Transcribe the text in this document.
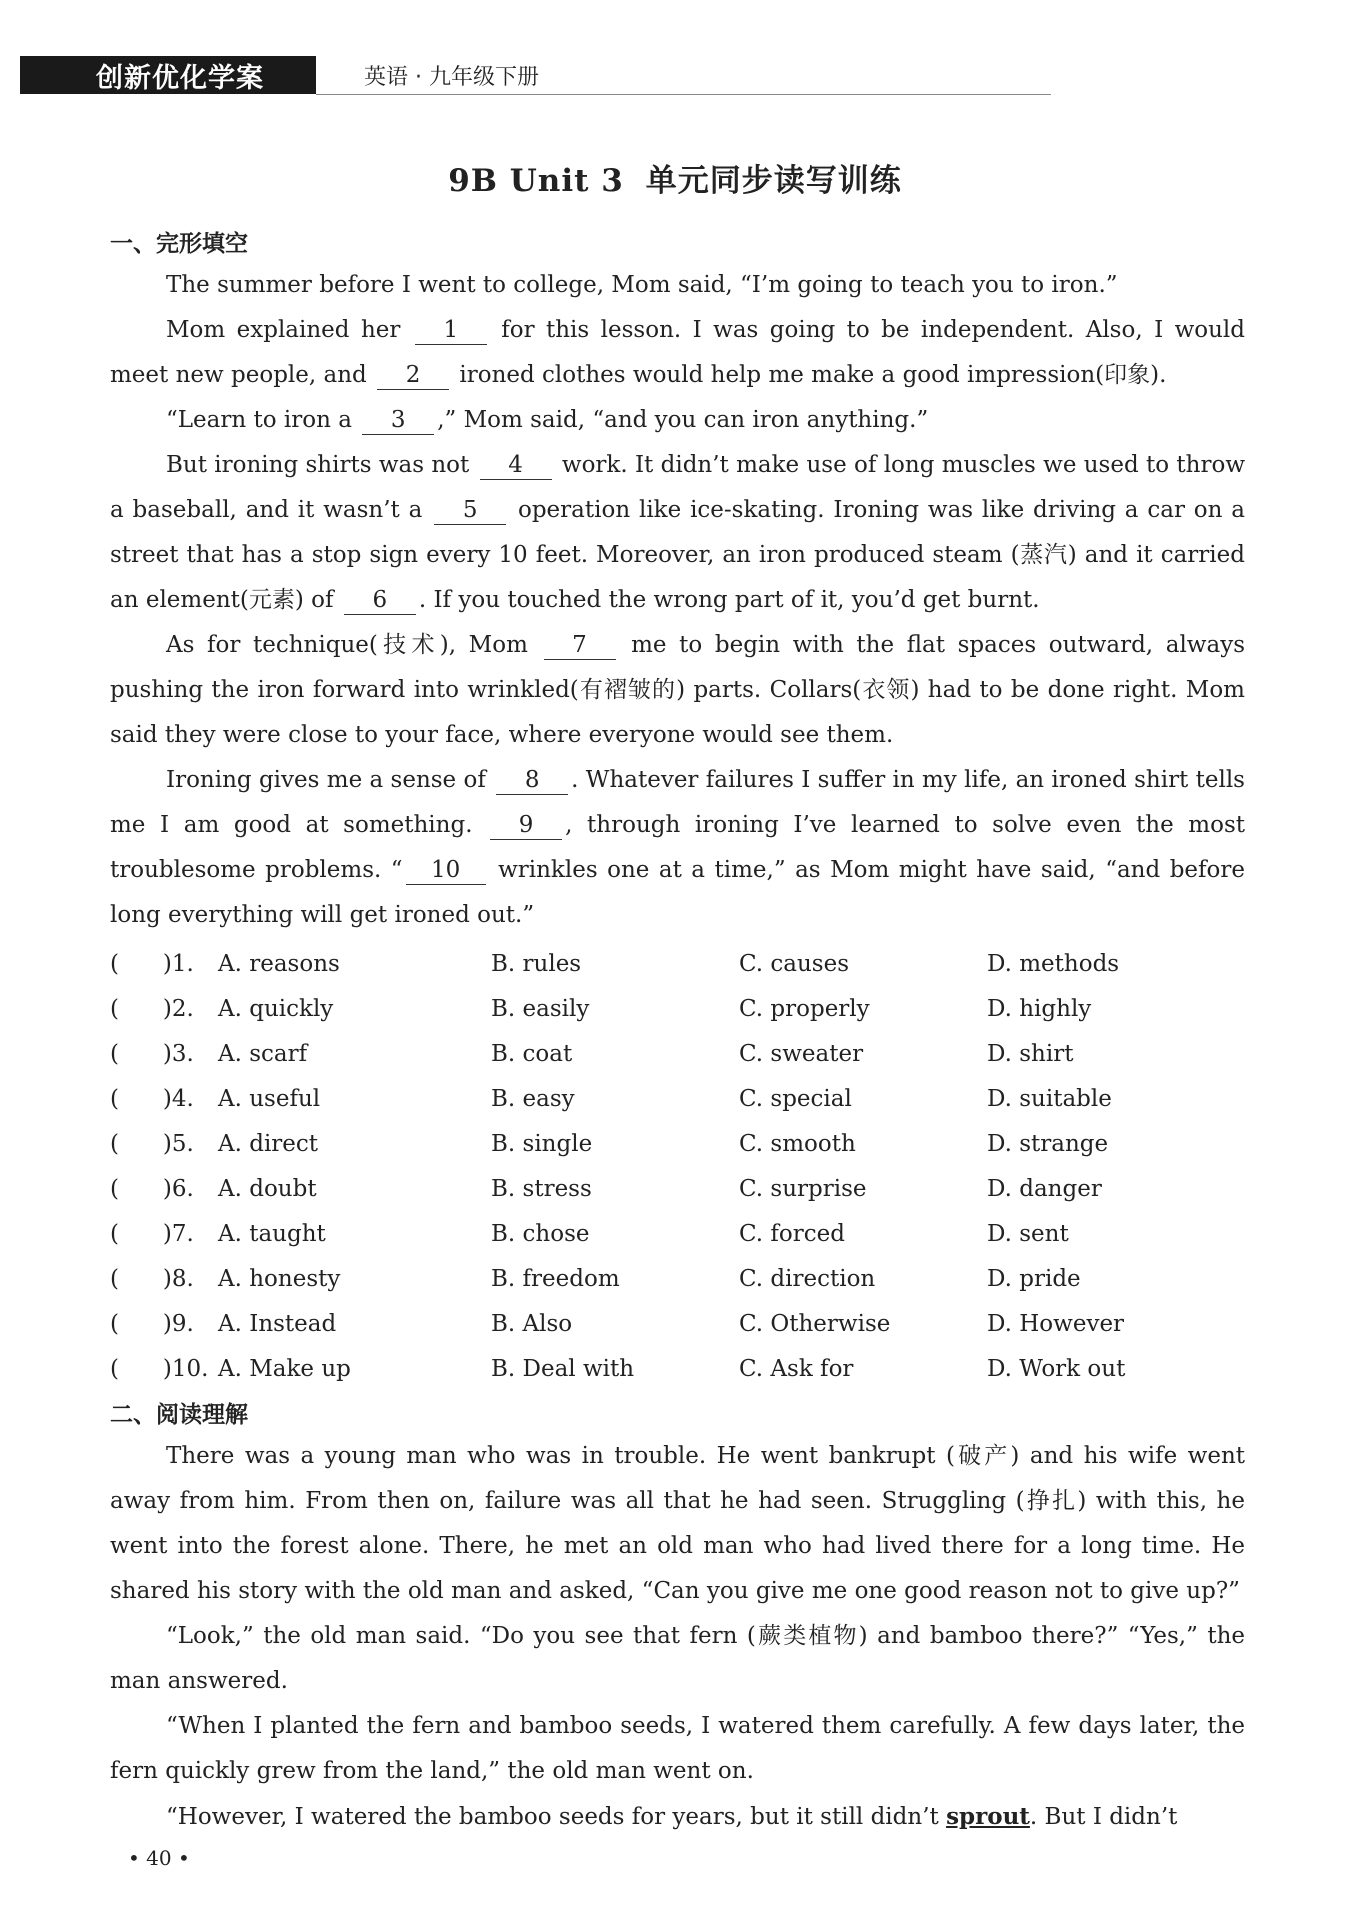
创新优化学案	英语 · 九年级下册
9B Unit 3 单元同步读写训练
一、完形填空

The summer before I went to college, Mom said, “I’m going to teach you to iron.”

Mom explained her 1 for this lesson. I was going to be independent. Also, I would meet new people, and 2 ironed clothes would help me make a good impression(印象).

“Learn to iron a 3 ,” Mom said, “and you can iron anything.”

But ironing shirts was not 4 work. It didn’t make use of long muscles we used to throw a baseball, and it wasn’t a 5 operation like ice-skating. Ironing was like driving a car on a street that has a stop sign every 10 feet. Moreover, an iron produced steam (蒸汽) and it carried an element(元素) of 6 . If you touched the wrong part of it, you’d get burnt.

As for technique(技术), Mom 7 me to begin with the flat spaces outward, always pushing the iron forward into wrinkled(有褶皱的) parts. Collars(衣领) had to be done right. Mom said they were close to your face, where everyone would see them.

Ironing gives me a sense of 8 . Whatever failures I suffer in my life, an ironed shirt tells me I am good at something. 9 , through ironing I’ve learned to solve even the most troublesome problems. “ 10 wrinkles one at a time,” as Mom might have said, “and before long everything will get ironed out.”

(      )1.	A. reasons	B. rules	C. causes	D. methods
(      )2.	A. quickly	B. easily	C. properly	D. highly
(      )3.	A. scarf	B. coat	C. sweater	D. shirt
(      )4.	A. useful	B. easy	C. special	D. suitable
(      )5.	A. direct	B. single	C. smooth	D. strange
(      )6.	A. doubt	B. stress	C. surprise	D. danger
(      )7.	A. taught	B. chose	C. forced	D. sent
(      )8.	A. honesty	B. freedom	C. direction	D. pride
(      )9.	A. Instead	B. Also	C. Otherwise	D. However
(      )10. A. Make up	B. Deal with	C. Ask for	D. Work out
二、阅读理解

There was a young man who was in trouble. He went bankrupt (破产) and his wife went away from him. From then on, failure was all that he had seen. Struggling (挣扎) with this, he went into the forest alone. There, he met an old man who had lived there for a long time. He shared his story with the old man and asked, “Can you give me one good reason not to give up?”

“Look,” the old man said. “Do you see that fern (蕨类植物) and bamboo there?” “Yes,” the man answered.

“When I planted the fern and bamboo seeds, I watered them carefully. A few days later, the fern quickly grew from the land,” the old man went on.

“However, I watered the bamboo seeds for years, but it still didn’t sprout. But I didn’t

• 40 •
